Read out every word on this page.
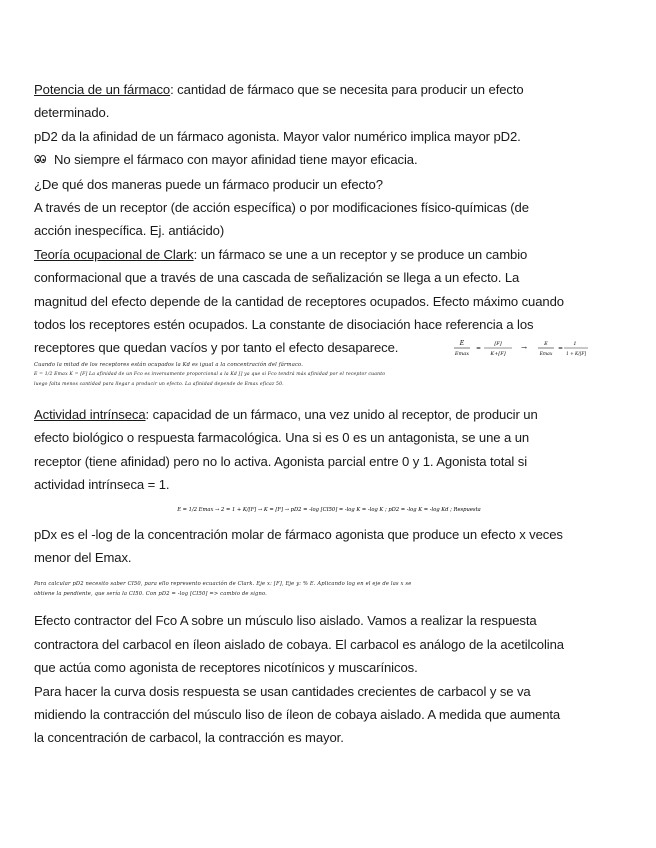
Potencia de un fármaco: cantidad de fármaco que se necesita para producir un efecto

determinado.

pD2 da la afinidad de un fármaco agonista. Mayor valor numérico implica mayor pD2.

No siempre el fármaco con mayor afinidad tiene mayor eficacia.

¿De qué dos maneras puede un fármaco producir un efecto?

A través de un receptor (de acción específica) o por modificaciones físico-químicas (de

acción inespecífica. Ej. antiácido)

Teoría ocupacional de Clark: un fármaco se une a un receptor y se produce un cambio

conformacional que a través de una cascada de señalización se llega a un efecto. La

magnitud del efecto depende de la cantidad de receptores ocupados. Efecto máximo cuando

todos los receptores estén ocupados. La constante de disociación hace referencia a los

receptores que quedan vacíos y por tanto el efecto desaparece.	E
Emax
=
[F]
K+[F]
→	E
Emax
=
1
1 + K/[F]

Cuando la mitad de los receptores están ocupados la Kd es igual a la concentración del fármaco.

E = 1/2 Emax K = [F] La afinidad de un Fco es inversamente proporcional a la Kd [] ya que si Fco tendrá más afinidad por el receptor cuanto

luego falta menos cantidad para llegar a producir un efecto. La afinidad depende de Emax eficaz 50.

Actividad intrínseca: capacidad de un fármaco, una vez unido al receptor, de producir un

efecto biológico o respuesta farmacológica. Una si es 0 es un antagonista, se une a un

receptor (tiene afinidad) pero no lo activa. Agonista parcial entre 0 y 1. Agonista total si

actividad intrínseca = 1.

E = 1/2 Emax → 2 = 1 + K/[F] → K = [F] → pD2 = -log [CI50] = -log K = -log K ; pD2 = -log K = -log Kd ; Respuesta

pDx es el -log de la concentración molar de fármaco agonista que produce un efecto x veces

menor del Emax.

Para calcular pD2 necesito saber CI50, para ello represento ecuación de Clark. Eje x: [F], Eje y: % E. Aplicando log en el eje de las x se

obtiene la pendiente, que sería la CI50. Con pD2 = -log [CI50] => cambio de signo.

Efecto contractor del Fco A sobre un músculo liso aislado. Vamos a realizar la respuesta

contractora del carbacol en íleon aislado de cobaya. El carbacol es análogo de la acetilcolina

que actúa como agonista de receptores nicotínicos y muscarínicos.

Para hacer la curva dosis respuesta se usan cantidades crecientes de carbacol y se va

midiendo la contracción del músculo liso de íleon de cobaya aislado. A medida que aumenta

la concentración de carbacol, la contracción es mayor.
